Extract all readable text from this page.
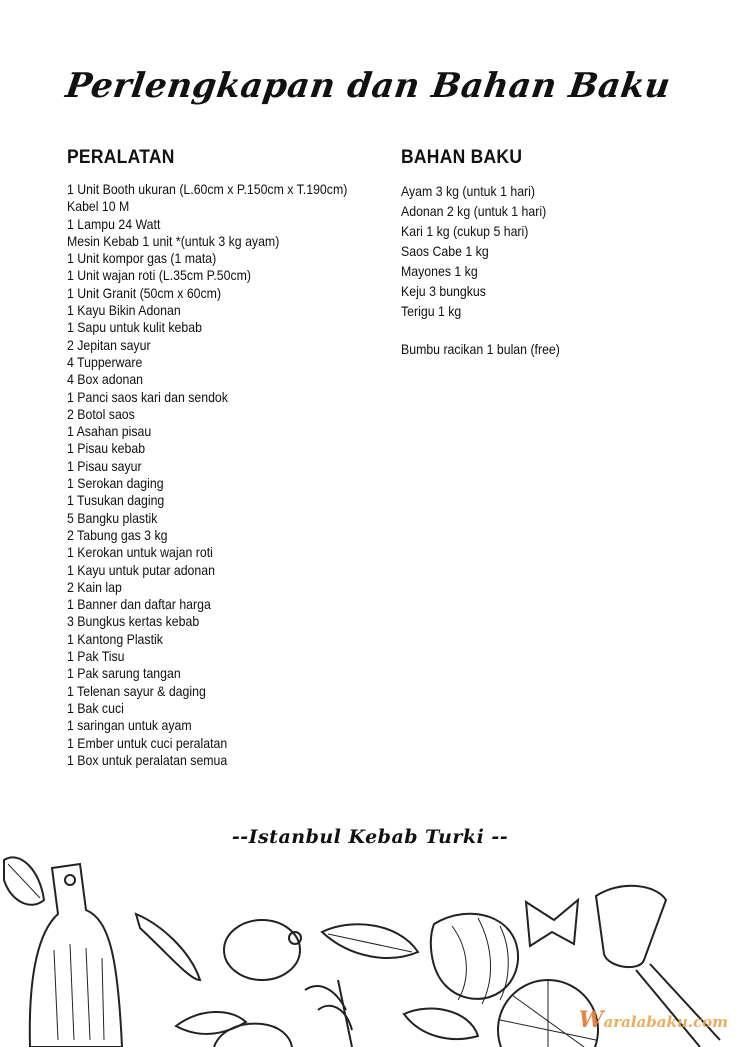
Perlengkapan dan Bahan Baku
PERALATAN
1 Unit Booth ukuran (L.60cm x P.150cm x T.190cm)
Kabel 10 M
1 Lampu 24 Watt
Mesin Kebab 1 unit *(untuk 3 kg ayam)
1 Unit kompor gas (1 mata)
1 Unit wajan roti (L.35cm P.50cm)
1 Unit Granit (50cm x 60cm)
1 Kayu Bikin Adonan
1 Sapu untuk kulit kebab
2 Jepitan sayur
4 Tupperware
4 Box adonan
1 Panci saos kari dan sendok
2 Botol saos
1 Asahan pisau
1 Pisau kebab
1 Pisau sayur
1 Serokan daging
1 Tusukan daging
5 Bangku plastik
2 Tabung gas 3 kg
1 Kerokan untuk wajan roti
1 Kayu untuk putar adonan
2 Kain lap
1 Banner dan daftar harga
3 Bungkus kertas kebab
1 Kantong Plastik
1 Pak Tisu
1 Pak sarung tangan
1 Telenan sayur & daging
1 Bak cuci
1 saringan untuk ayam
1 Ember untuk cuci peralatan
1 Box untuk peralatan semua
BAHAN BAKU
Ayam 3 kg (untuk 1 hari)
Adonan 2 kg (untuk 1 hari)
Kari 1 kg (cukup 5 hari)
Saos Cabe 1 kg
Mayones 1 kg
Keju 3 bungkus
Terigu 1 kg
Bumbu racikan 1 bulan (free)
--Istanbul Kebab Turki --
Waralabaku.com
